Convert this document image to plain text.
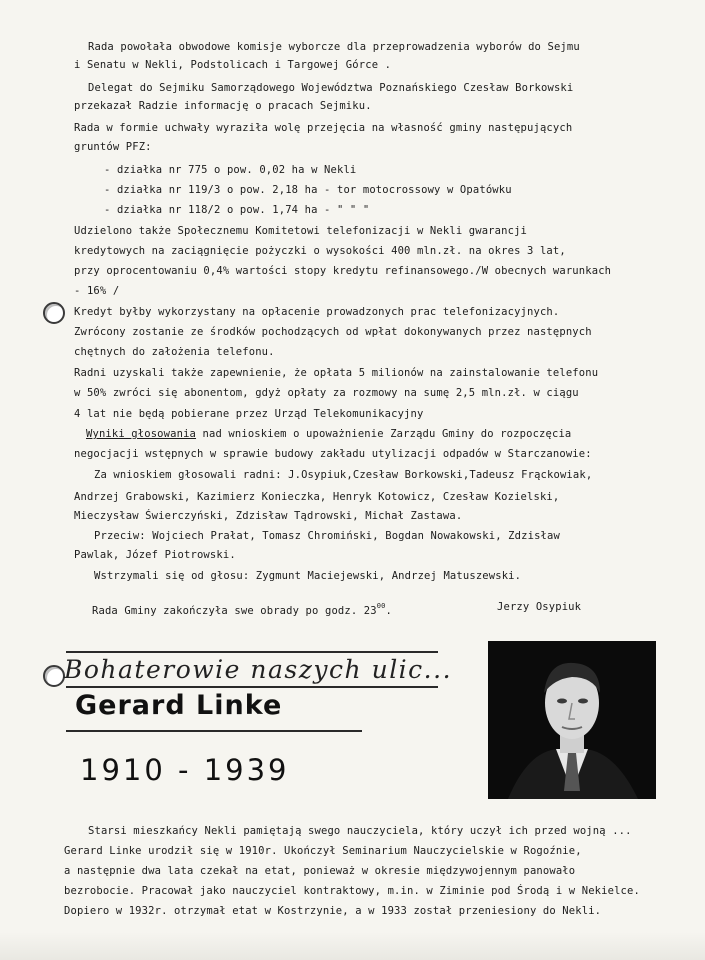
Rada powołała obwodowe komisje wyborcze dla przeprowadzenia wyborów do Sejmu
i Senatu w Nekli, Podstolicach i Targowej Górce .
Delegat do Sejmiku Samorządowego Województwa Poznańskiego Czesław Borkowski
przekazał Radzie informację o pracach Sejmiku.
Rada w formie uchwały wyraziła wolę przejęcia na własność gminy następujących
gruntów PFZ:
- działka nr 775 o pow. 0,02 ha w Nekli
- działka nr 119/3 o pow. 2,18 ha - tor motocrossowy w Opatówku
- działka nr 118/2 o pow. 1,74 ha - " " "
Udzielono także Społecznemu Komitetowi telefonizacji w Nekli gwarancji
kredytowych na zaciągnięcie pożyczki o wysokości 400 mln.zł. na okres 3 lat,
przy oprocentowaniu 0,4% wartości stopy kredytu refinansowego./W obecnych warunkach
- 16% /
Kredyt byłby wykorzystany na opłacenie prowadzonych prac telefonizacyjnych.
Zwrócony zostanie ze środków pochodzących od wpłat dokonywanych przez następnych
chętnych do założenia telefonu.
Radni uzyskali także zapewnienie, że opłata 5 milionów na zainstalowanie telefonu
w 50% zwróci się abonentom, gdyż opłaty za rozmowy na sumę 2,5 mln.zł. w ciągu
4 lat nie będą pobierane przez Urząd Telekomunikacyjny
Wyniki głosowania nad wnioskiem o upoważnienie Zarządu Gminy do rozpoczęcia
negocjacji wstępnych w sprawie budowy zakładu utylizacji odpadów w Starczanowie:
Za wnioskiem głosowali radni: J.Osypiuk,Czesław Borkowski,Tadeusz Frąckowiak,
Andrzej Grabowski, Kazimierz Konieczka, Henryk Kotowicz, Czesław Kozielski,
Mieczysław Świerczyński, Zdzisław Tądrowski, Michał Zastawa.
Przeciw: Wojciech Prałat, Tomasz Chromiński, Bogdan Nowakowski, Zdzisław
Pawlak, Józef Piotrowski.
Wstrzymali się od głosu: Zygmunt Maciejewski, Andrzej Matuszewski.
Rada Gminy zakończyła swe obrady po godz. $23^{00}$.	Jerzy Osypiuk
Bohaterowie naszych ulic...
Gerard Linke
1910 - 1939
Starsi mieszkańcy Nekli pamiętają swego nauczyciela, który uczył ich przed wojną ...
Gerard Linke urodził się w 1910r. Ukończył Seminarium Nauczycielskie w Rogoźnie,
a następnie dwa lata czekał na etat, ponieważ w okresie międzywojennym panowało
bezrobocie. Pracował jako nauczyciel kontraktowy, m.in. w Ziminie pod Środą i w Nekielce.
Dopiero w 1932r. otrzymał etat w Kostrzynie, a w 1933 został przeniesiony do Nekli.
